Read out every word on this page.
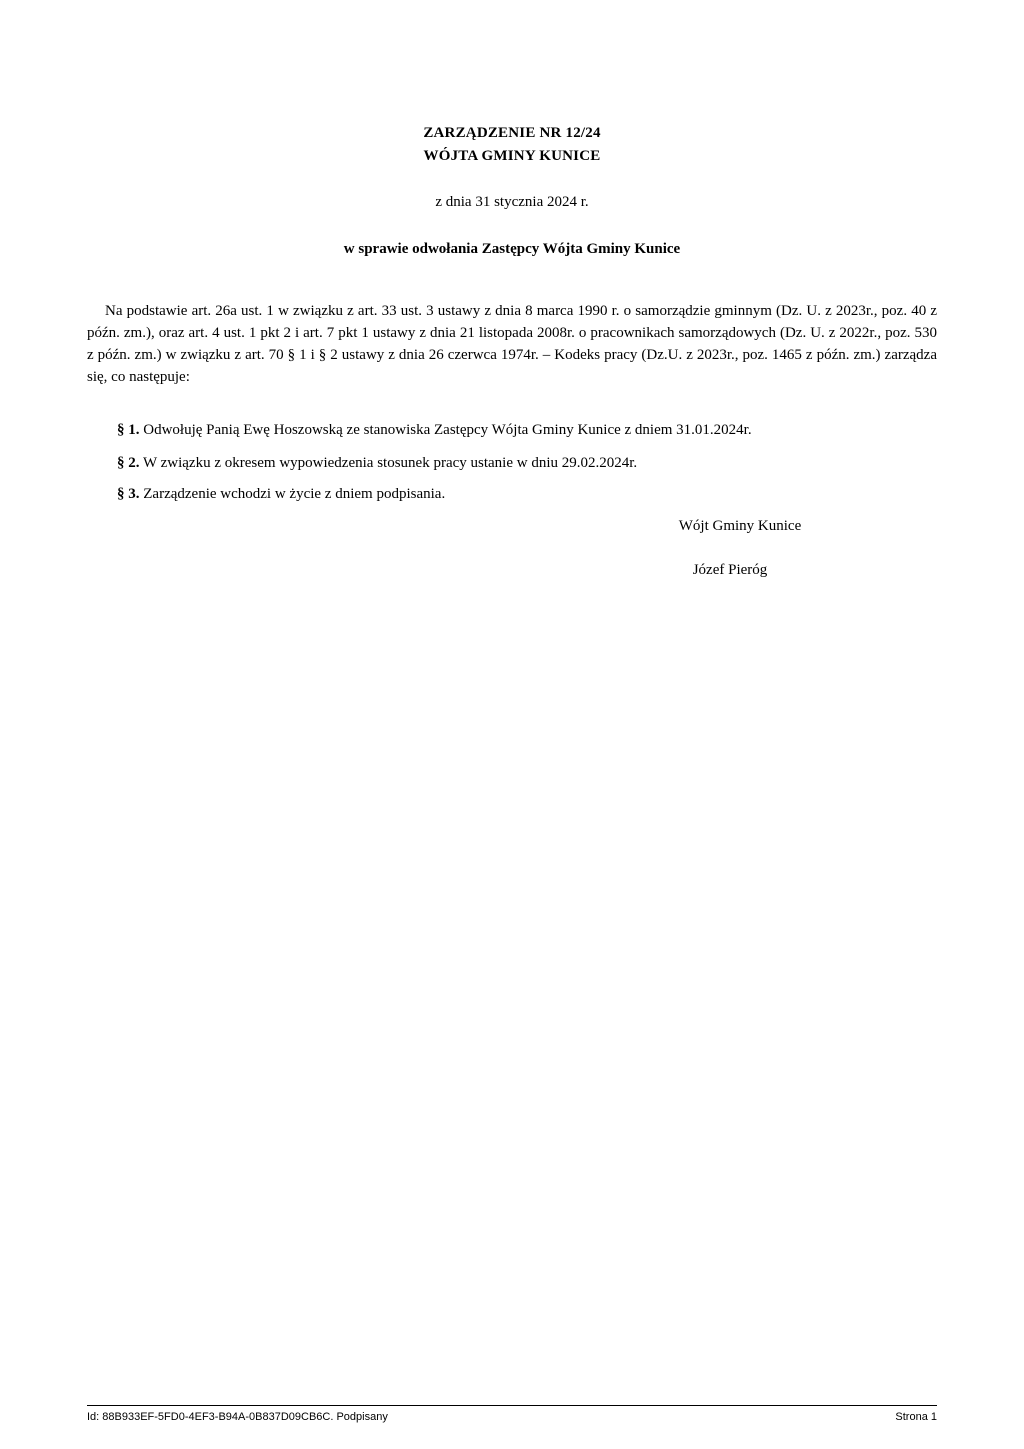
ZARZĄDZENIE NR 12/24
WÓJTA GMINY KUNICE
z dnia 31 stycznia 2024 r.
w sprawie odwołania Zastępcy Wójta Gminy Kunice

Na podstawie art. 26a ust. 1 w związku z art. 33 ust. 3 ustawy z dnia 8 marca 1990 r. o samorządzie gminnym (Dz. U. z 2023r., poz. 40 z późn. zm.), oraz art. 4 ust. 1 pkt 2 i art. 7 pkt 1 ustawy z dnia 21 listopada 2008r. o pracownikach samorządowych (Dz. U. z 2022r., poz. 530 z późn. zm.) w związku z art. 70 § 1 i § 2 ustawy z dnia 26 czerwca 1974r. – Kodeks pracy (Dz.U. z 2023r., poz. 1465 z późn. zm.) zarządza się, co następuje:

§ 1. Odwołuję Panią Ewę Hoszowską ze stanowiska Zastępcy Wójta Gminy Kunice z dniem 31.01.2024r.

§ 2. W związku z okresem wypowiedzenia stosunek pracy ustanie w dniu 29.02.2024r.

§ 3. Zarządzenie wchodzi w życie z dniem podpisania.

Wójt Gminy Kunice
Józef Pieróg
Id: 88B933EF-5FD0-4EF3-B94A-0B837D09CB6C. Podpisany	Strona 1
